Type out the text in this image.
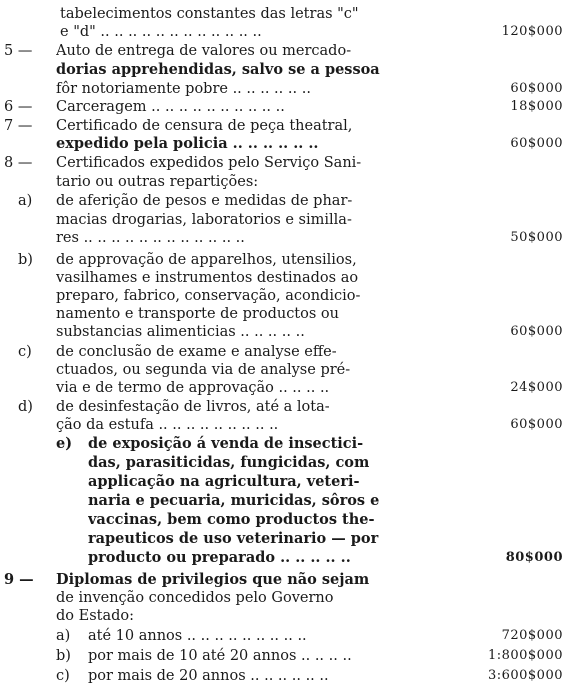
tabelecimentos constantes das letras "c"
e "d" .. .. .. .. .. .. .. .. .. .. .. ..	120$000
5 — Auto de entrega de valores ou mercado-
dorias apprehendidas, salvo se a pessoa
fôr notoriamente pobre .. .. .. .. .. ..	60$000
6 — Carceragem .. .. .. .. .. .. .. .. .. ..	18$000
7 — Certificado de censura de peça theatral,
expedido pela policia .. .. .. .. .. ..	60$000
8 — Certificados expedidos pelo Serviço Sani-
tario ou outras repartições:
a) de aferição de pesos e medidas de phar-
macias drogarias, laboratorios e similla-
res .. .. .. .. .. .. .. .. .. .. .. ..	50$000
b) de approvação de apparelhos, utensilios,
vasilhames e instrumentos destinados ao
preparo, fabrico, conservação, acondicio-
namento e transporte de productos ou
substancias alimenticias .. .. .. .. ..	60$000
c) de conclusão de exame e analyse effe-
ctuados, ou segunda via de analyse pré-
via e de termo de approvação .. .. .. ..	24$000
d) de desinfestação de livros, até a lota-
ção da estufa .. .. .. .. .. .. .. .. ..	60$000
e) de exposição á venda de insectici-
das, parasiticidas, fungicidas, com
applicação na agricultura, veteri-
naria e pecuaria, muricidas, sôros e
vaccinas, bem como productos the-
rapeuticos de uso veterinario — por
producto ou preparado .. .. .. .. ..	80$000
9 — Diplomas de privilegios que não sejam
de invenção concedidos pelo Governo
do Estado:
a) até 10 annos .. .. .. .. .. .. .. .. ..	720$000
b) por mais de 10 até 20 annos .. .. .. ..	1:800$000
c) por mais de 20 annos .. .. .. .. .. ..	3:600$000
